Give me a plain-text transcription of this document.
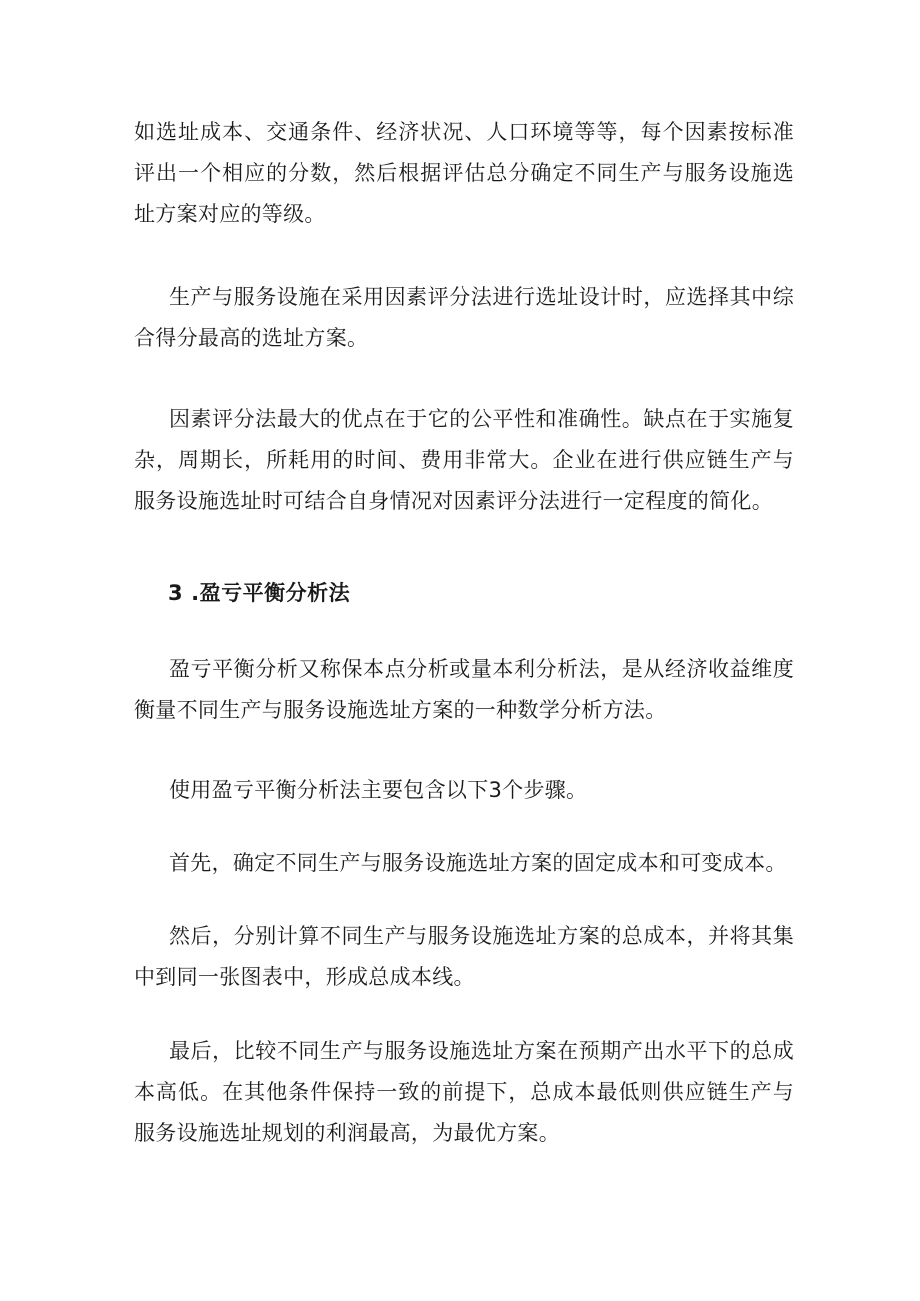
如选址成本、交通条件、经济状况、人口环境等等，每个因素按标准评出一个相应的分数，然后根据评估总分确定不同生产与服务设施选址方案对应的等级。

生产与服务设施在采用因素评分法进行选址设计时，应选择其中综合得分最高的选址方案。

因素评分法最大的优点在于它的公平性和准确性。缺点在于实施复杂，周期长，所耗用的时间、费用非常大。企业在进行供应链生产与服务设施选址时可结合自身情况对因素评分法进行一定程度的简化。

3 .盈亏平衡分析法

盈亏平衡分析又称保本点分析或量本利分析法，是从经济收益维度衡量不同生产与服务设施选址方案的一种数学分析方法。

使用盈亏平衡分析法主要包含以下3个步骤。

首先，确定不同生产与服务设施选址方案的固定成本和可变成本。

然后，分别计算不同生产与服务设施选址方案的总成本，并将其集中到同一张图表中，形成总成本线。

最后，比较不同生产与服务设施选址方案在预期产出水平下的总成本高低。在其他条件保持一致的前提下，总成本最低则供应链生产与服务设施选址规划的利润最高，为最优方案。
